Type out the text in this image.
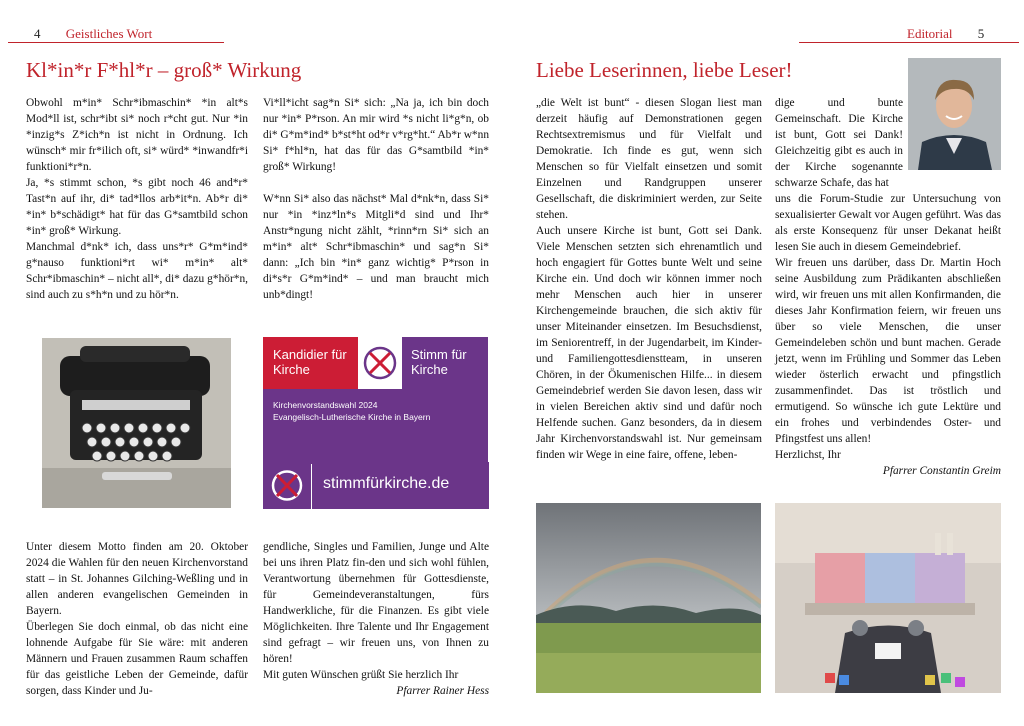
4 Geistliches Wort
Kl*in*r F*hl*r – groß* Wirkung

Obwohl m*in* Schr*ibmaschin* *in alt*s Mod*ll ist, schr*ibt si* noch r*cht gut. Nur *in *inzig*s Z*ich*n ist nicht in Ordnung. Ich wünsch* mir fr*ilich oft, si* würd* *inwandfr*i funktioni*r*n.

Ja, *s stimmt schon, *s gibt noch 46 and*r* Tast*n auf ihr, di* tad*llos arb*it*n. Ab*r di* *in* b*schädigt* hat für das G*samtbild schon *in* groß* Wirkung.

Manchmal d*nk* ich, dass uns*r* G*m*ind* g*nauso funktioni*rt wi* m*in* alt* Schr*ibmaschin* – nicht all*, di* dazu g*hör*n, sind auch zu s*h*n und zu hör*n.

Vi*ll*icht sag*n Si* sich: „Na ja, ich bin doch nur *in* P*rson. An mir wird *s nicht li*g*n, ob di* G*m*ind* b*st*ht od*r v*rg*ht.“ Ab*r w*nn Si* f*hl*n, hat das für das G*samtbild *in* groß* Wirkung!

W*nn Si* also das nächst* Mal d*nk*n, dass Si* nur *in *inz*ln*s Mitgli*d sind und Ihr* Anstr*ngung nicht zählt, *rinn*rn Si* sich an m*in* alt* Schr*ibmaschin* und sag*n Si* dann: „Ich bin *in* ganz wichtig* P*rson in di*s*r G*m*ind* – und man braucht mich unb*dingt!

Kandidier für Kirche
Stimm für Kirche
Kirchenvorstandswahl 2024
Evangelisch-Lutherische Kirche in Bayern
stimmfürkirche.de

Unter diesem Motto finden am 20. Oktober 2024 die Wahlen für den neuen Kirchenvorstand statt – in St. Johannes Gilching-Weßling und in allen anderen evangelischen Gemeinden in Bayern.

Überlegen Sie doch einmal, ob das nicht eine lohnende Aufgabe für Sie wäre: mit anderen Männern und Frauen zusammen Raum schaffen für das geistliche Leben der Gemeinde, dafür sorgen, dass Kinder und Ju-

gendliche, Singles und Familien, Junge und Alte bei uns ihren Platz fin-den und sich wohl fühlen, Verantwortung übernehmen für Gottesdienste, für Gemeindeveranstaltungen, fürs Handwerkliche, für die Finanzen. Es gibt viele Möglichkeiten. Ihre Talente und Ihr Engagement sind gefragt – wir freuen uns, von Ihnen zu hören!

Mit guten Wünschen grüßt Sie herzlich Ihr

Pfarrer Rainer Hess

Editorial 5
Liebe Leserinnen, liebe Leser!

„die Welt ist bunt“ - diesen Slogan liest man derzeit häufig auf Demonstrationen gegen Rechtsextremismus und für Vielfalt und Demokratie. Ich finde es gut, wenn sich Menschen so für Vielfalt einsetzen und somit Einzelnen und Randgruppen unserer Gesellschaft, die diskriminiert werden, zur Seite stehen.

Auch unsere Kirche ist bunt, Gott sei Dank. Viele Menschen setzten sich ehrenamtlich und hoch engagiert für Gottes bunte Welt und seine Kirche ein. Und doch wir können immer noch mehr Menschen auch hier in unserer Kirchengemeinde brauchen, die sich aktiv für unser Miteinander einsetzen. Im Besuchsdienst, im Seniorentreff, in der Jugendarbeit, im Kinder- und Familiengottesdienstteam, in unseren Chören, in der Ökumenischen Hilfe... in diesem Gemeindebrief werden Sie davon lesen, dass wir in vielen Bereichen aktiv sind und dafür noch Helfende suchen. Ganz besonders, da in diesem Jahr Kirchenvorstandswahl ist. Nur gemeinsam finden wir Wege in eine faire, offene, leben-

dige und bunte Gemeinschaft. Die Kirche ist bunt, Gott sei Dank! Gleichzeitig gibt es auch in der Kirche sogenannte schwarze Schafe, das hat

uns die Forum-Studie zur Untersuchung von sexualisierter Gewalt vor Augen geführt. Was das als erste Konsequenz für unser Dekanat heißt lesen Sie auch in diesem Gemeindebrief.

Wir freuen uns darüber, dass Dr. Martin Hoch seine Ausbildung zum Prädikanten abschließen wird, wir freuen uns mit allen Konfirmanden, die dieses Jahr Konfirmation feiern, wir freuen uns über so viele Menschen, die unser Gemeindeleben schön und bunt machen. Gerade jetzt, wenn im Frühling und Sommer das Leben wieder österlich erwacht und pfingstlich zusammenfindet. Das ist tröstlich und ermutigend. So wünsche ich gute Lektüre und ein frohes und verbindendes Oster- und Pfingstfest uns allen!

Herzlichst, Ihr

Pfarrer Constantin Greim
